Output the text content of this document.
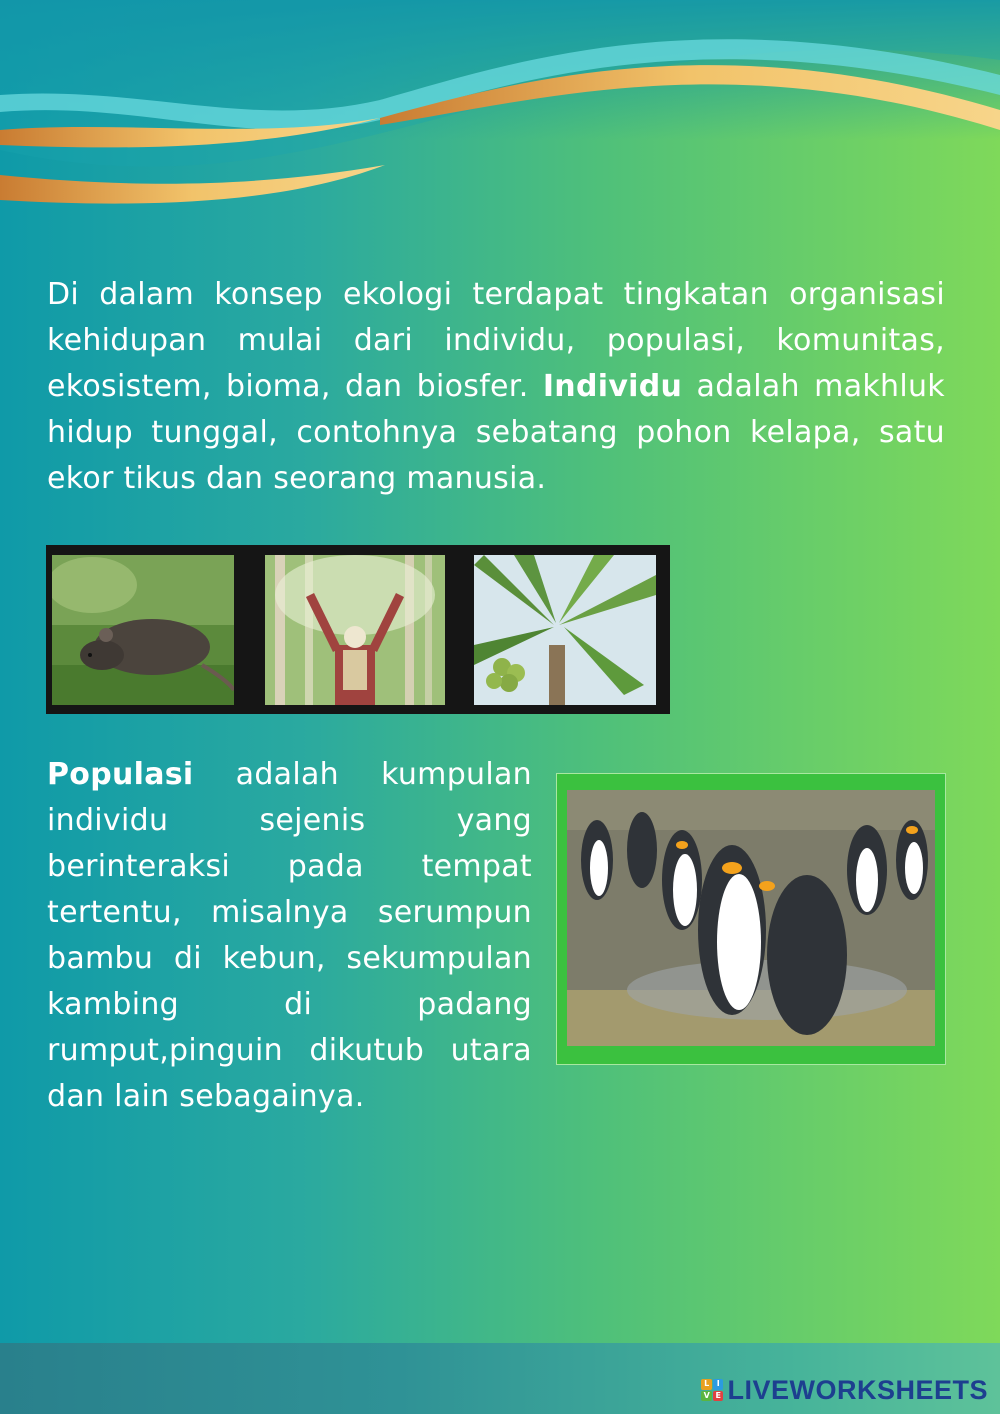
Di dalam konsep ekologi terdapat tingkatan organisasi kehidupan mulai dari individu, populasi, komunitas, ekosistem, bioma, dan biosfer. Individu adalah makhluk hidup tunggal, contohnya sebatang pohon kelapa, satu ekor tikus dan seorang manusia.
Populasi adalah kumpulan individu sejenis yang berinteraksi pada tempat tertentu, misalnya serumpun bambu di kebun, sekumpulan kambing di padang rumput,pinguin dikutub utara dan lain sebagainya.
L I
V E LIVEWORKSHEETS
